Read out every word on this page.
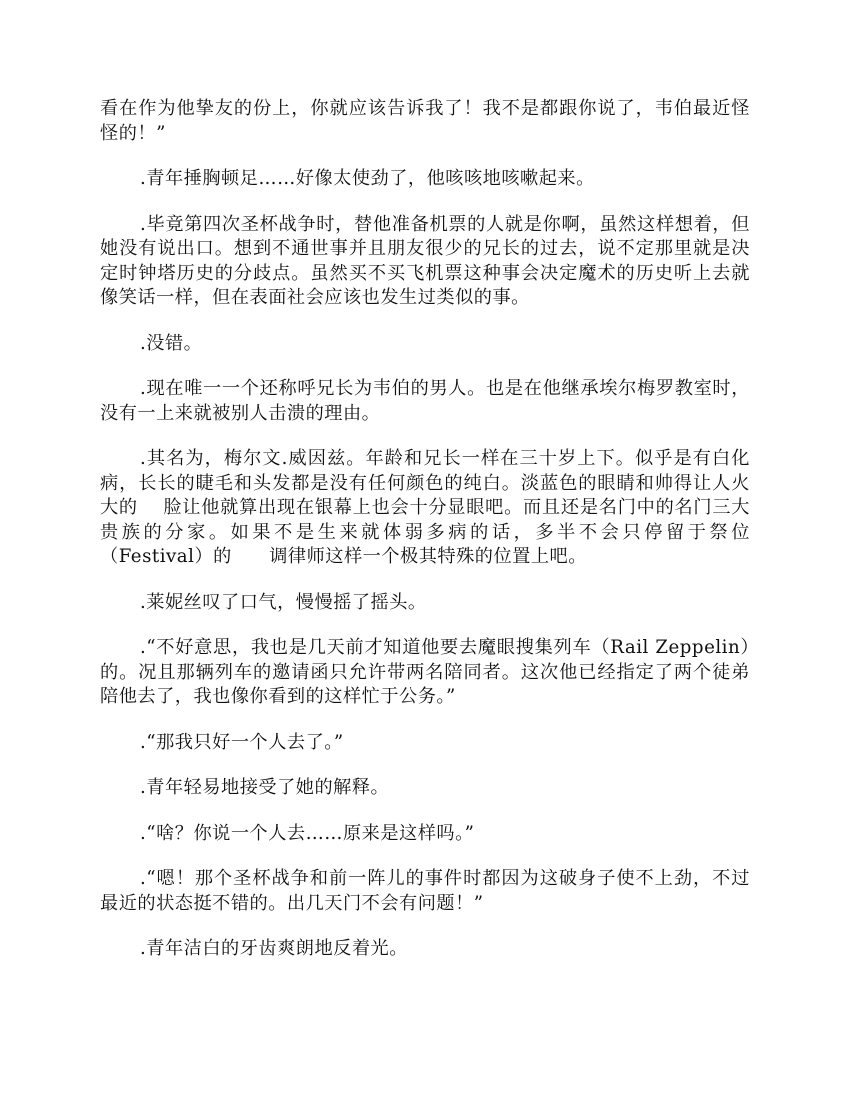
看在作为他挚友的份上，你就应该告诉我了！我不是都跟你说了，韦伯最近怪怪的！”

.青年捶胸顿足……好像太使劲了，他咳咳地咳嗽起来。

.毕竟第四次圣杯战争时，替他准备机票的人就是你啊，虽然这样想着，但她没有说出口。想到不通世事并且朋友很少的兄长的过去，说不定那里就是决定时钟塔历史的分歧点。虽然买不买飞机票这种事会决定魔术的历史听上去就像笑话一样，但在表面社会应该也发生过类似的事。

.没错。

.现在唯一一个还称呼兄长为韦伯的男人。也是在他继承埃尔梅罗教室时，没有一上来就被别人击溃的理由。

.其名为，梅尔文.威因兹。年龄和兄长一样在三十岁上下。似乎是有白化病，长长的睫毛和头发都是没有任何颜色的纯白。淡蓝色的眼睛和帅得让人火大的　 脸让他就算出现在银幕上也会十分显眼吧。而且还是名门中的名门三大贵族的分家。如果不是生来就体弱多病的话，多半不会只停留于祭位（Festival）的　　调律师这样一个极其特殊的位置上吧。

.莱妮丝叹了口气，慢慢摇了摇头。

.“不好意思，我也是几天前才知道他要去魔眼搜集列车（Rail Zeppelin）的。况且那辆列车的邀请函只允许带两名陪同者。这次他已经指定了两个徒弟陪他去了，我也像你看到的这样忙于公务。”

.“那我只好一个人去了。”

.青年轻易地接受了她的解释。

.“啥？你说一个人去……原来是这样吗。”

.“嗯！那个圣杯战争和前一阵儿的事件时都因为这破身子使不上劲，不过最近的状态挺不错的。出几天门不会有问题！”

.青年洁白的牙齿爽朗地反着光。
